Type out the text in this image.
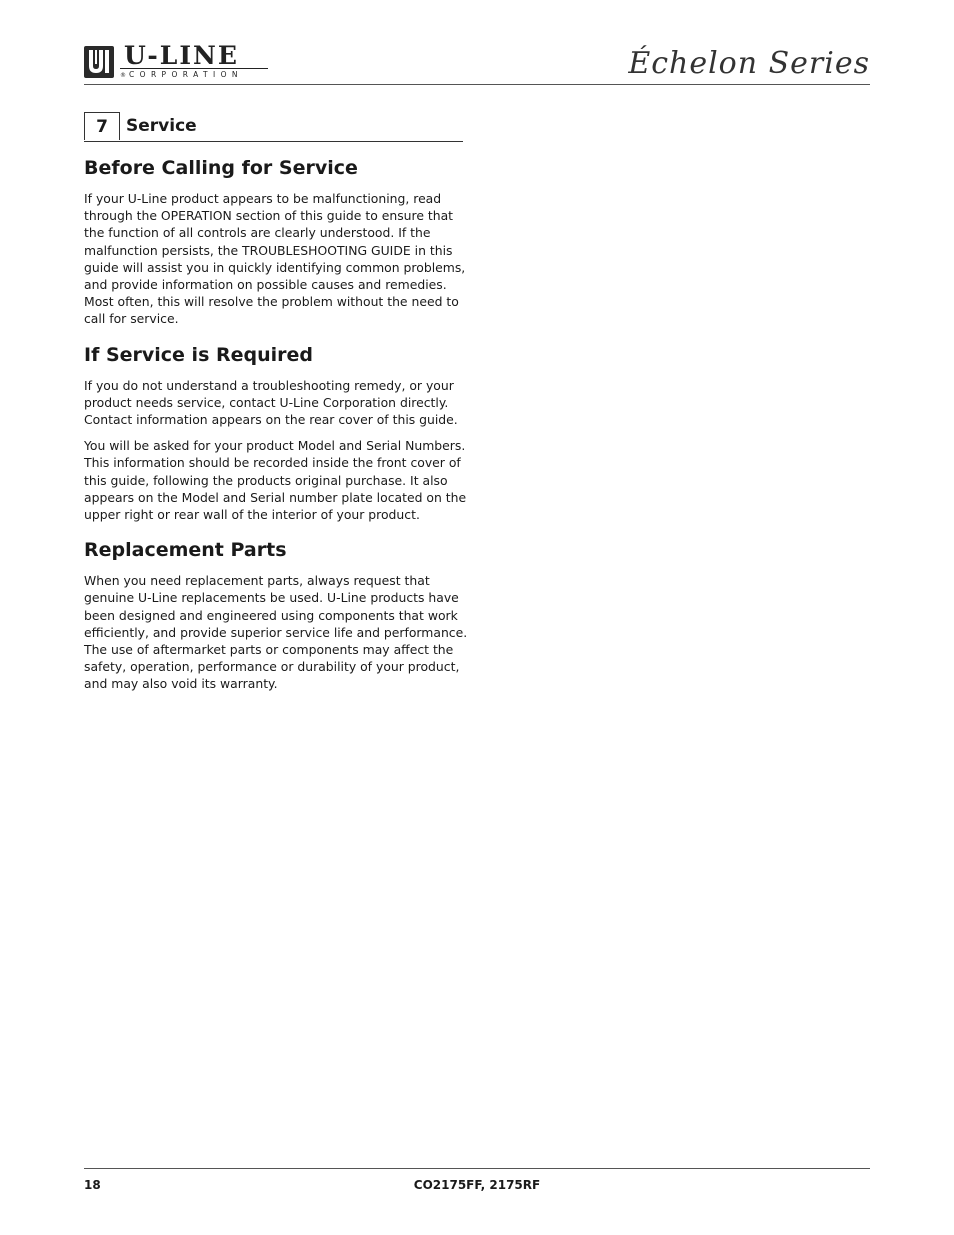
U-LINE
® CORPORATION	Échelon Series
7	Service
Before Calling for Service

If your U-Line product appears to be malfunctioning, read through the OPERATION section of this guide to ensure that the function of all controls are clearly understood. If the malfunction persists, the TROUBLESHOOTING GUIDE in this guide will assist you in quickly identifying common problems, and provide information on possible causes and remedies. Most often, this will resolve the problem without the need to call for service.

If Service is Required

If you do not understand a troubleshooting remedy, or your product needs service, contact U-Line Corporation directly. Contact information appears on the rear cover of this guide.

You will be asked for your product Model and Serial Numbers. This information should be recorded inside the front cover of this guide, following the products original purchase. It also appears on the Model and Serial number plate located on the upper right or rear wall of the interior of your product.

Replacement Parts

When you need replacement parts, always request that genuine U-Line replacements be used. U-Line products have been designed and engineered using components that work efficiently, and provide superior service life and performance. The use of aftermarket parts or components may affect the safety, operation, performance or durability of your product, and may also void its warranty.

18	CO2175FF, 2175RF
